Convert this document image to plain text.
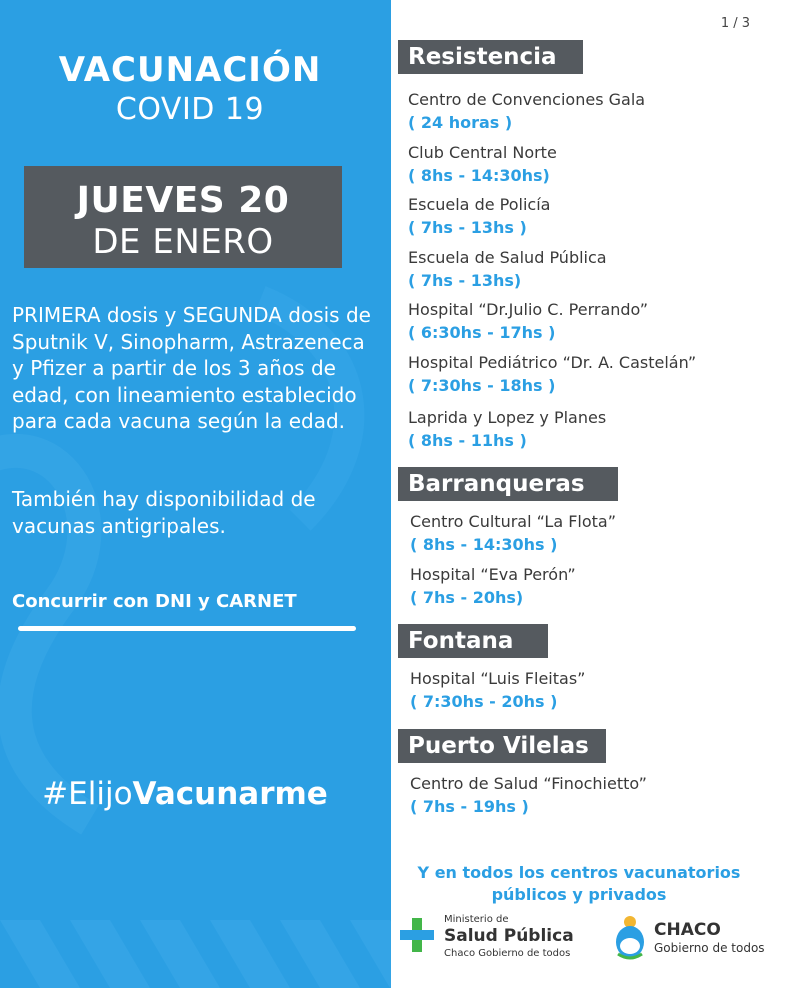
VACUNACIÓN
COVID 19
JUEVES 20
DE ENERO
PRIMERA dosis y SEGUNDA dosis de Sputnik V, Sinopharm, Astrazeneca y Pfizer a partir de los 3 años de edad, con lineamiento establecido para cada vacuna según la edad.
También hay disponibilidad de vacunas antigripales.
Concurrir con DNI y CARNET
#ElijoVacunarme
1 / 3
Resistencia
Centro de Convenciones Gala
( 24 horas )
Club Central Norte
( 8hs - 14:30hs)
Escuela de Policía
( 7hs - 13hs )
Escuela de Salud Pública
( 7hs - 13hs)
Hospital “Dr.Julio C. Perrando”
( 6:30hs - 17hs )
Hospital Pediátrico “Dr. A. Castelán”
( 7:30hs - 18hs )
Laprida y Lopez y Planes
( 8hs - 11hs )
Barranqueras
Centro Cultural “La Flota”
( 8hs - 14:30hs )
Hospital “Eva Perón”
( 7hs - 20hs)
Fontana
Hospital “Luis Fleitas”
( 7:30hs - 20hs )
Puerto Vilelas
Centro de Salud “Finochietto”
( 7hs - 19hs )
Y en todos los centros vacunatorios
públicos y privados
Ministerio de
Salud Pública
Chaco Gobierno de todos
CHACO
Gobierno de todos
